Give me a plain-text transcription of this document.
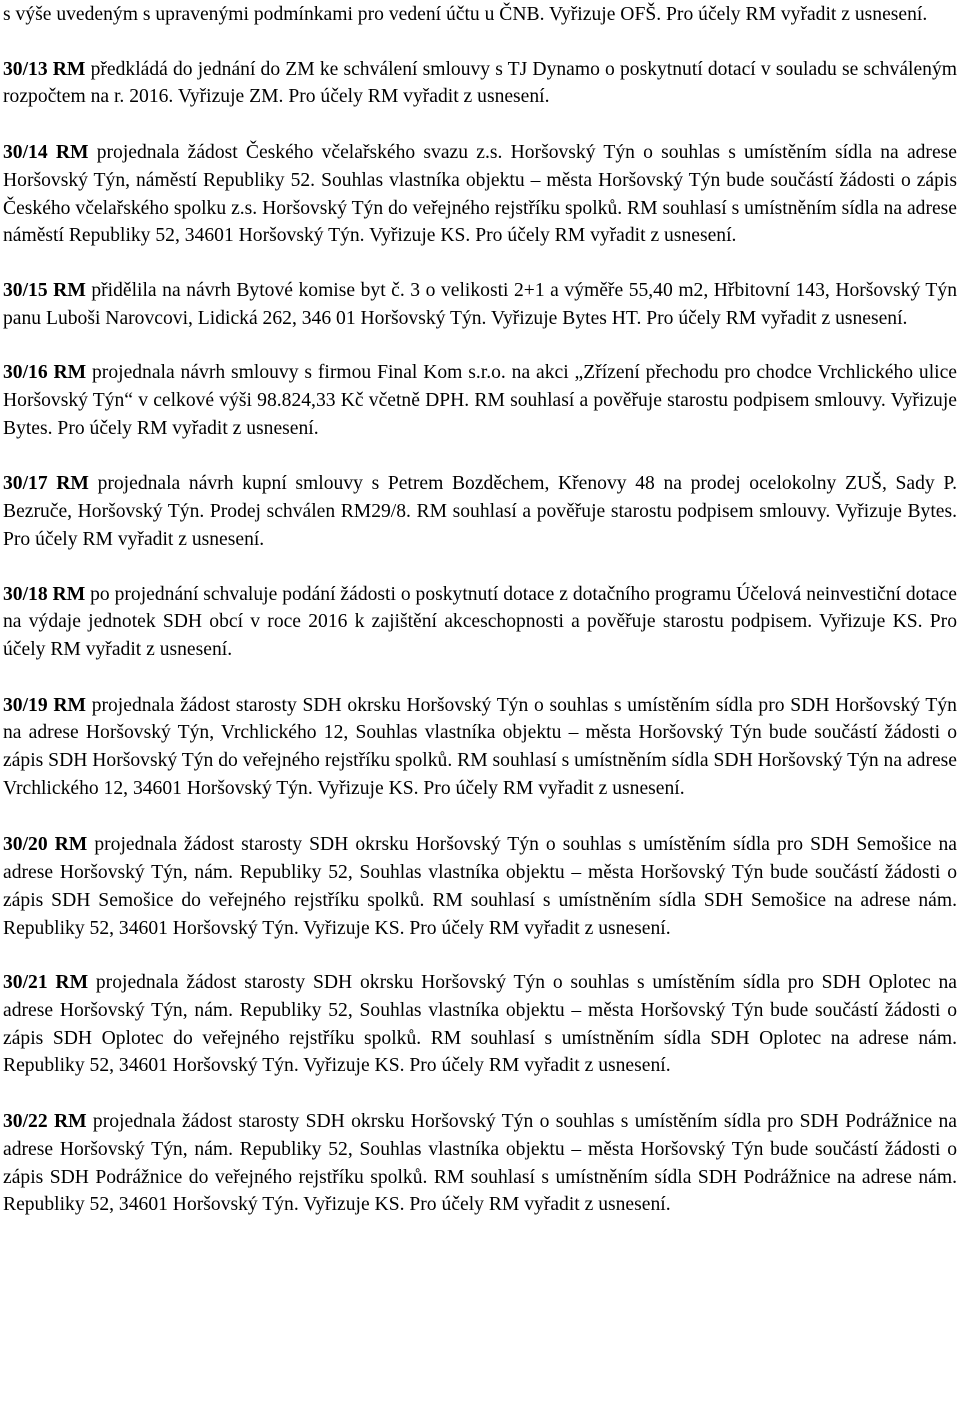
s výše uvedeným s upravenými podmínkami pro vedení účtu u ČNB. Vyřizuje OFŠ. Pro účely RM vyřadit z usnesení.

30/13 RM předkládá do jednání do ZM ke schválení smlouvy s TJ Dynamo o poskytnutí dotací v souladu se schváleným rozpočtem na r. 2016. Vyřizuje ZM. Pro účely RM vyřadit z usnesení.

30/14 RM projednala žádost Českého včelařského svazu z.s. Horšovský Týn o souhlas s umístěním sídla na adrese Horšovský Týn, náměstí Republiky 52. Souhlas vlastníka objektu – města Horšovský Týn bude součástí žádosti o zápis Českého včelařského spolku z.s. Horšovský Týn do veřejného rejstříku spolků. RM souhlasí s umístněním sídla na adrese náměstí Republiky 52, 34601 Horšovský Týn. Vyřizuje KS. Pro účely RM vyřadit z usnesení.

30/15 RM přidělila na návrh Bytové komise byt č. 3 o velikosti 2+1 a výměře 55,40 m2, Hřbitovní 143, Horšovský Týn panu Luboši Narovcovi, Lidická 262, 346 01 Horšovský Týn. Vyřizuje Bytes HT. Pro účely RM vyřadit z usnesení.

30/16 RM projednala návrh smlouvy s firmou Final Kom s.r.o. na akci „Zřízení přechodu pro chodce Vrchlického ulice Horšovský Týn“ v celkové výši 98.824,33 Kč včetně DPH. RM souhlasí a pověřuje starostu podpisem smlouvy. Vyřizuje Bytes. Pro účely RM vyřadit z usnesení.

30/17 RM projednala návrh kupní smlouvy s Petrem Bozděchem, Křenovy 48 na prodej ocelokolny ZUŠ, Sady P. Bezruče, Horšovský Týn. Prodej schválen RM29/8. RM souhlasí a pověřuje starostu podpisem smlouvy. Vyřizuje Bytes. Pro účely RM vyřadit z usnesení.

30/18 RM po projednání schvaluje podání žádosti o poskytnutí dotace z dotačního programu Účelová neinvestiční dotace na výdaje jednotek SDH obcí v roce 2016 k zajištění akceschopnosti a pověřuje starostu podpisem. Vyřizuje KS. Pro účely RM vyřadit z usnesení.

30/19 RM projednala žádost starosty SDH okrsku Horšovský Týn o souhlas s umístěním sídla pro SDH Horšovský Týn na adrese Horšovský Týn, Vrchlického 12, Souhlas vlastníka objektu – města Horšovský Týn bude součástí žádosti o zápis SDH Horšovský Týn do veřejného rejstříku spolků. RM souhlasí s umístněním sídla SDH Horšovský Týn na adrese Vrchlického 12, 34601 Horšovský Týn. Vyřizuje KS. Pro účely RM vyřadit z usnesení.

30/20 RM projednala žádost starosty SDH okrsku Horšovský Týn o souhlas s umístěním sídla pro SDH Semošice na adrese Horšovský Týn, nám. Republiky 52, Souhlas vlastníka objektu – města Horšovský Týn bude součástí žádosti o zápis SDH Semošice do veřejného rejstříku spolků. RM souhlasí s umístněním sídla SDH Semošice na adrese nám. Republiky 52, 34601 Horšovský Týn. Vyřizuje KS. Pro účely RM vyřadit z usnesení.

30/21 RM projednala žádost starosty SDH okrsku Horšovský Týn o souhlas s umístěním sídla pro SDH Oplotec na adrese Horšovský Týn, nám. Republiky 52, Souhlas vlastníka objektu – města Horšovský Týn bude součástí žádosti o zápis SDH Oplotec do veřejného rejstříku spolků. RM souhlasí s umístněním sídla SDH Oplotec na adrese nám. Republiky 52, 34601 Horšovský Týn. Vyřizuje KS. Pro účely RM vyřadit z usnesení.

30/22 RM projednala žádost starosty SDH okrsku Horšovský Týn o souhlas s umístěním sídla pro SDH Podrážnice na adrese Horšovský Týn, nám. Republiky 52, Souhlas vlastníka objektu – města Horšovský Týn bude součástí žádosti o zápis SDH Podrážnice do veřejného rejstříku spolků. RM souhlasí s umístněním sídla SDH Podrážnice na adrese nám. Republiky 52, 34601 Horšovský Týn. Vyřizuje KS. Pro účely RM vyřadit z usnesení.
